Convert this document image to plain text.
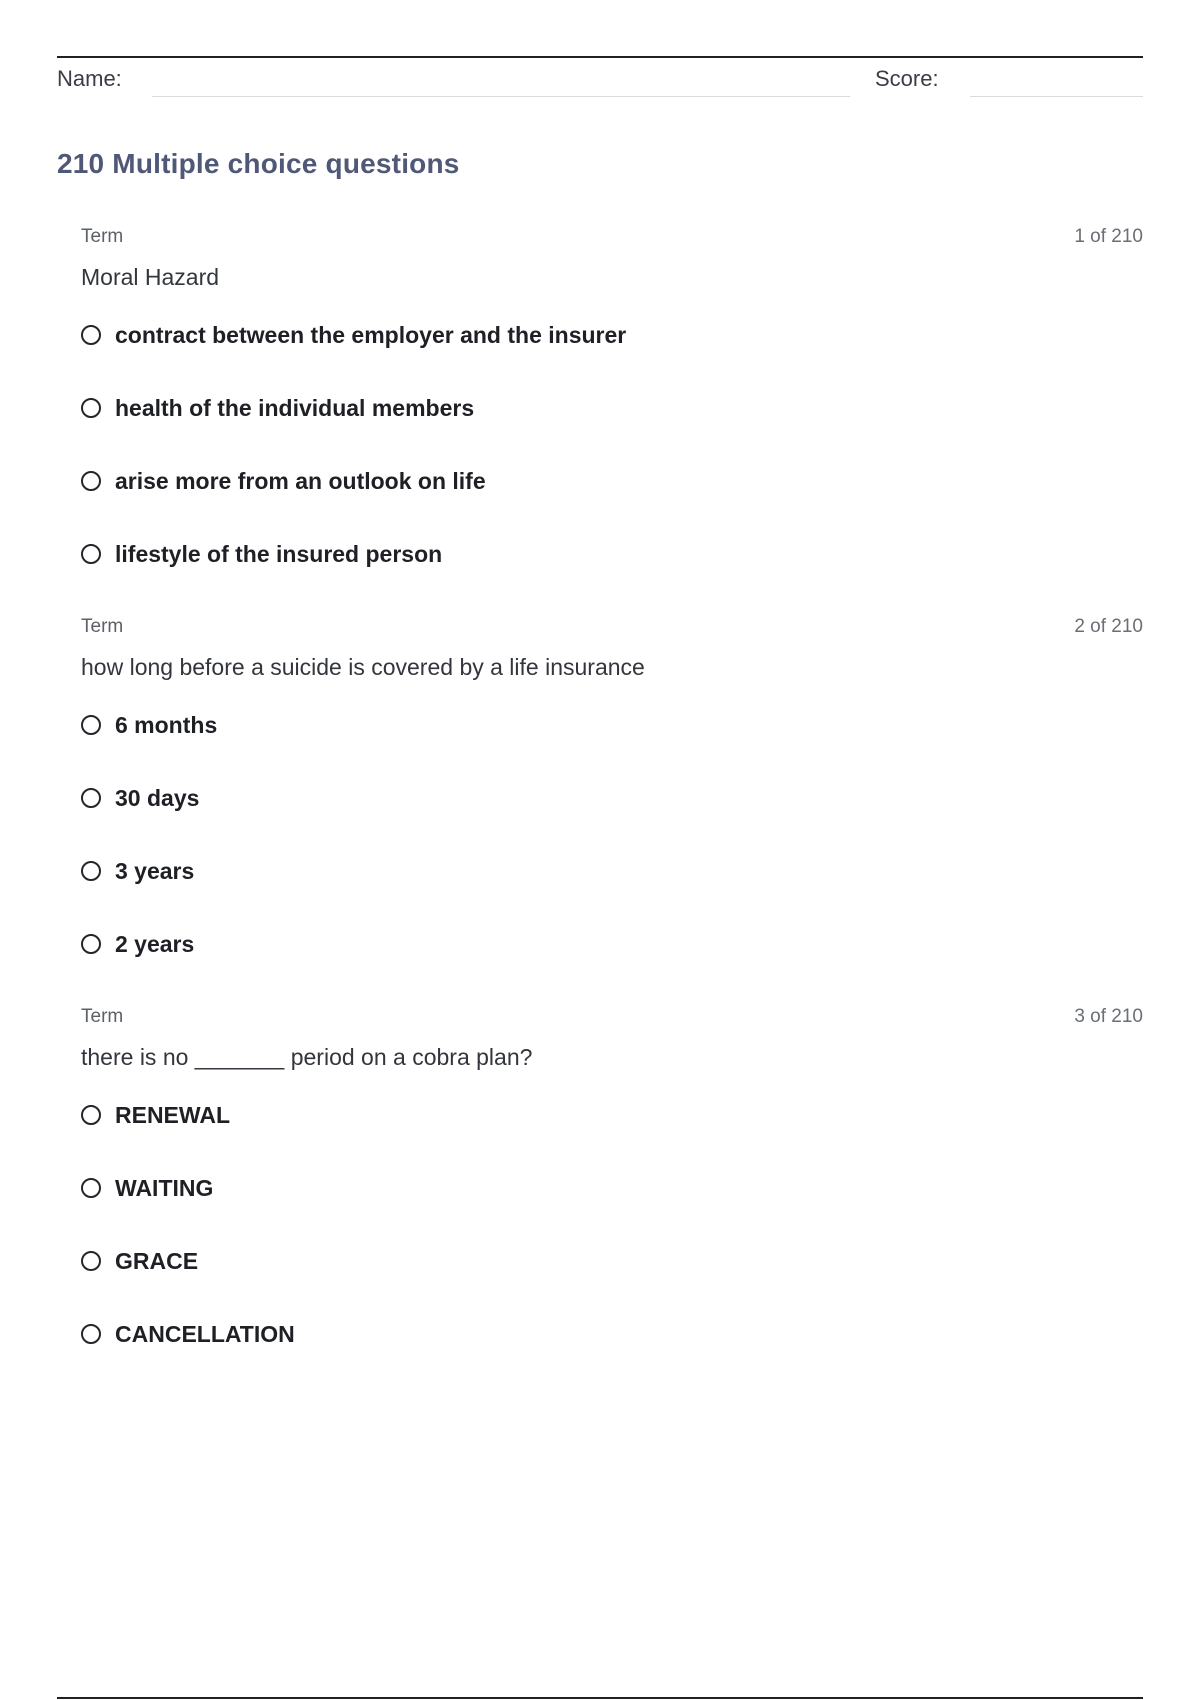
Name:	Score:
210 Multiple choice questions
Term	1 of 210
Moral Hazard
contract between the employer and the insurer
health of the individual members
arise more from an outlook on life
lifestyle of the insured person
Term	2 of 210
how long before a suicide is covered by a life insurance
6 months
30 days
3 years
2 years
Term	3 of 210
there is no _______ period on a cobra plan?
RENEWAL
WAITING
GRACE
CANCELLATION
